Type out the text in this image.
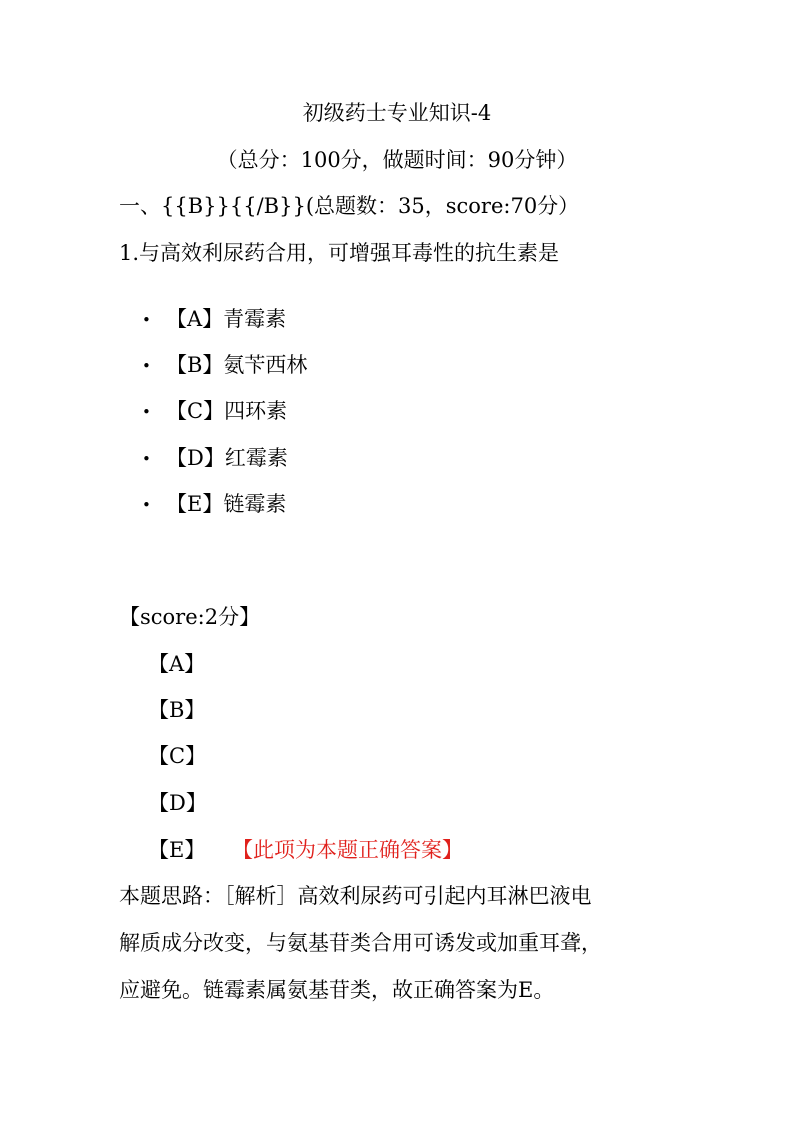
初级药士专业知识-4
（总分：100分，做题时间：90分钟）
一、{{B}}{{/B}}(总题数：35，score:70分）
1.与高效利尿药合用，可增强耳毒性的抗生素是
• 【A】青霉素
• 【B】氨苄西林
• 【C】四环素
• 【D】红霉素
• 【E】链霉素
【score:2分】
【A】
【B】
【C】
【D】
【E】 【此项为本题正确答案】
本题思路：［解析］高效利尿药可引起内耳淋巴液电
解质成分改变，与氨基苷类合用可诱发或加重耳聋，
应避免。链霉素属氨基苷类，故正确答案为E。
